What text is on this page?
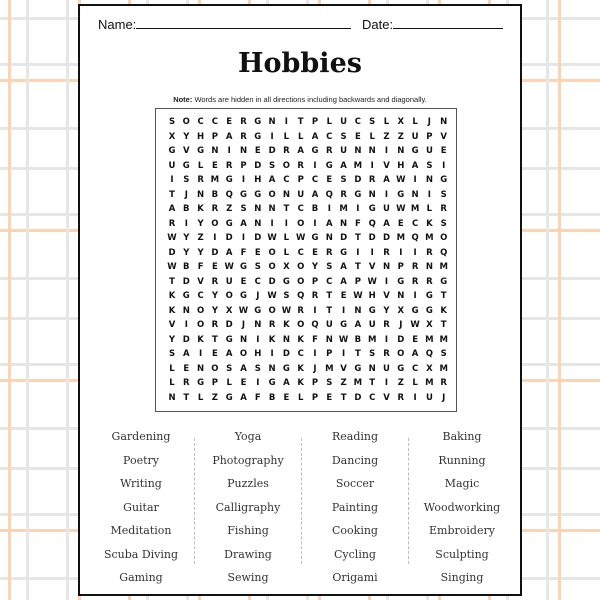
Name:	Date:
Hobbies
Note: Words are hidden in all directions including backwards and diagonally.
S O C C E R G N	I	T P L U C S	L X L	J	N
X Y H P A R G	I	L	L A C S E	L	Z Z U P V
G V G N	I	N E D R A G R U N N	I	N G U E
U G L	E R P D S O R	I	G A M I	V H A S	I
I	S R M G	I	H A C P C E S D R A W I	N G
T	J	N B Q G G O N U A Q R G N	I	G N	I	S
A B K R Z S N N T C B	I M I	G U W M L R
R	I	Y O G A N	I	I	O	I	A N F Q A E C K S
W Y Z	I	D	I	D W L W G N D T D D M Q M O
D Y Y D A F E O L C E R G	I	I	R	I	I	R Q
W B F E W G S O X O Y S A T V N P R N M
T D V R U E C D G O P C A P W I	G R R G
K G C Y O G	J W S Q R T E W H V N	I	G T
K N O Y X W G O W R	I	T	I	N G Y X G G K
V	I	O R D	J	N R K O Q U G A U R	J W X T
Y D K T G N	I	K N K F N W B M I	D E M M
S A	I	E A O H	I	D C	I	P	I	T S R O A Q S
L	E N O S A S N G K	J M V G N U G C X M
L R G P L	E	I	G A K P S Z M T	I	Z	L M R
N T	L	Z G A F B E	L P E T D C V R	I	U	J
Gardening
Poetry
Writing
Guitar
Meditation
Scuba Diving
Gaming
Yoga
Photography
Puzzles
Calligraphy
Fishing
Drawing
Sewing
Reading
Dancing
Soccer
Painting
Cooking
Cycling
Origami
Baking
Running
Magic
Woodworking
Embroidery
Sculpting
Singing
